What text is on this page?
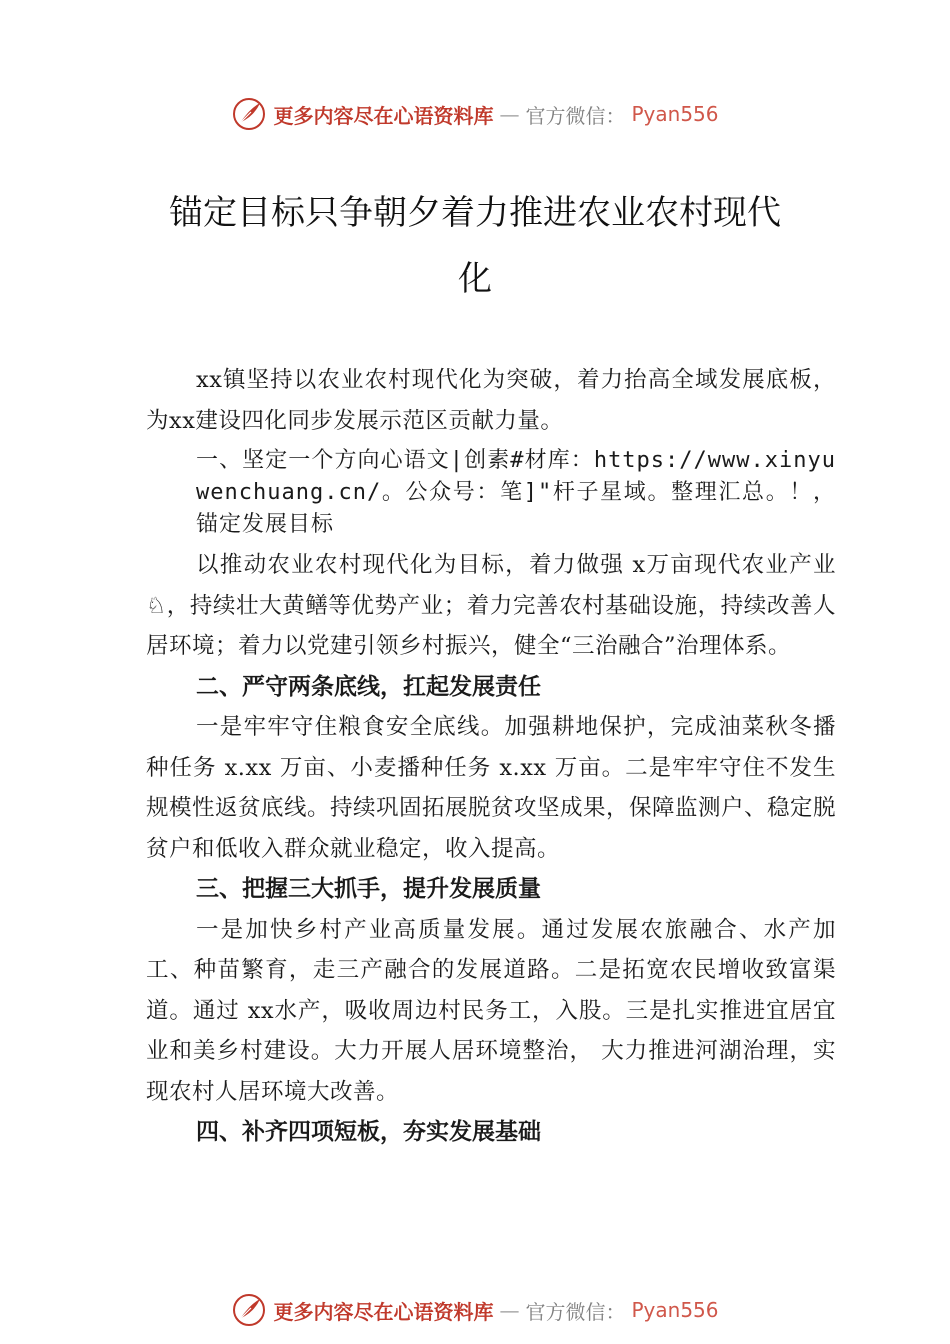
更多内容尽在心语资料库 — 官方微信： Pyan556
锚定目标只争朝夕着力推进农业农村现代
化

xx镇坚持以农业农村现代化为突破，着力抬高全域发展底板，为xx建设四化同步发展示范区贡献力量。

一、坚定一个方向心语文|创素#材库：https://www.xinyuwenchuang.cn/。公众号：笔]"杆子星域。整理汇总。！，锚定发展目标

以推动农业农村现代化为目标，着力做强 x万亩现代农业产业♘，持续壮大黄鳝等优势产业；着力完善农村基础设施，持续改善人居环境；着力以党建引领乡村振兴，健全“三治融合”治理体系。

二、严守两条底线，扛起发展责任

一是牢牢守住粮食安全底线。加强耕地保护，完成油菜秋冬播种任务 x.xx 万亩、小麦播种任务 x.xx 万亩。二是牢牢守住不发生规模性返贫底线。持续巩固拓展脱贫攻坚成果，保障监测户、稳定脱贫户和低收入群众就业稳定，收入提高。

三、把握三大抓手，提升发展质量

一是加快乡村产业高质量发展。通过发展农旅融合、水产加工、种苗繁育，走三产融合的发展道路。二是拓宽农民增收致富渠道。通过 xx水产，吸收周边村民务工，入股。三是扎实推进宜居宜业和美乡村建设。大力开展人居环境整治， 大力推进河湖治理，实现农村人居环境大改善。

四、补齐四项短板，夯实发展基础

更多内容尽在心语资料库 — 官方微信： Pyan556
